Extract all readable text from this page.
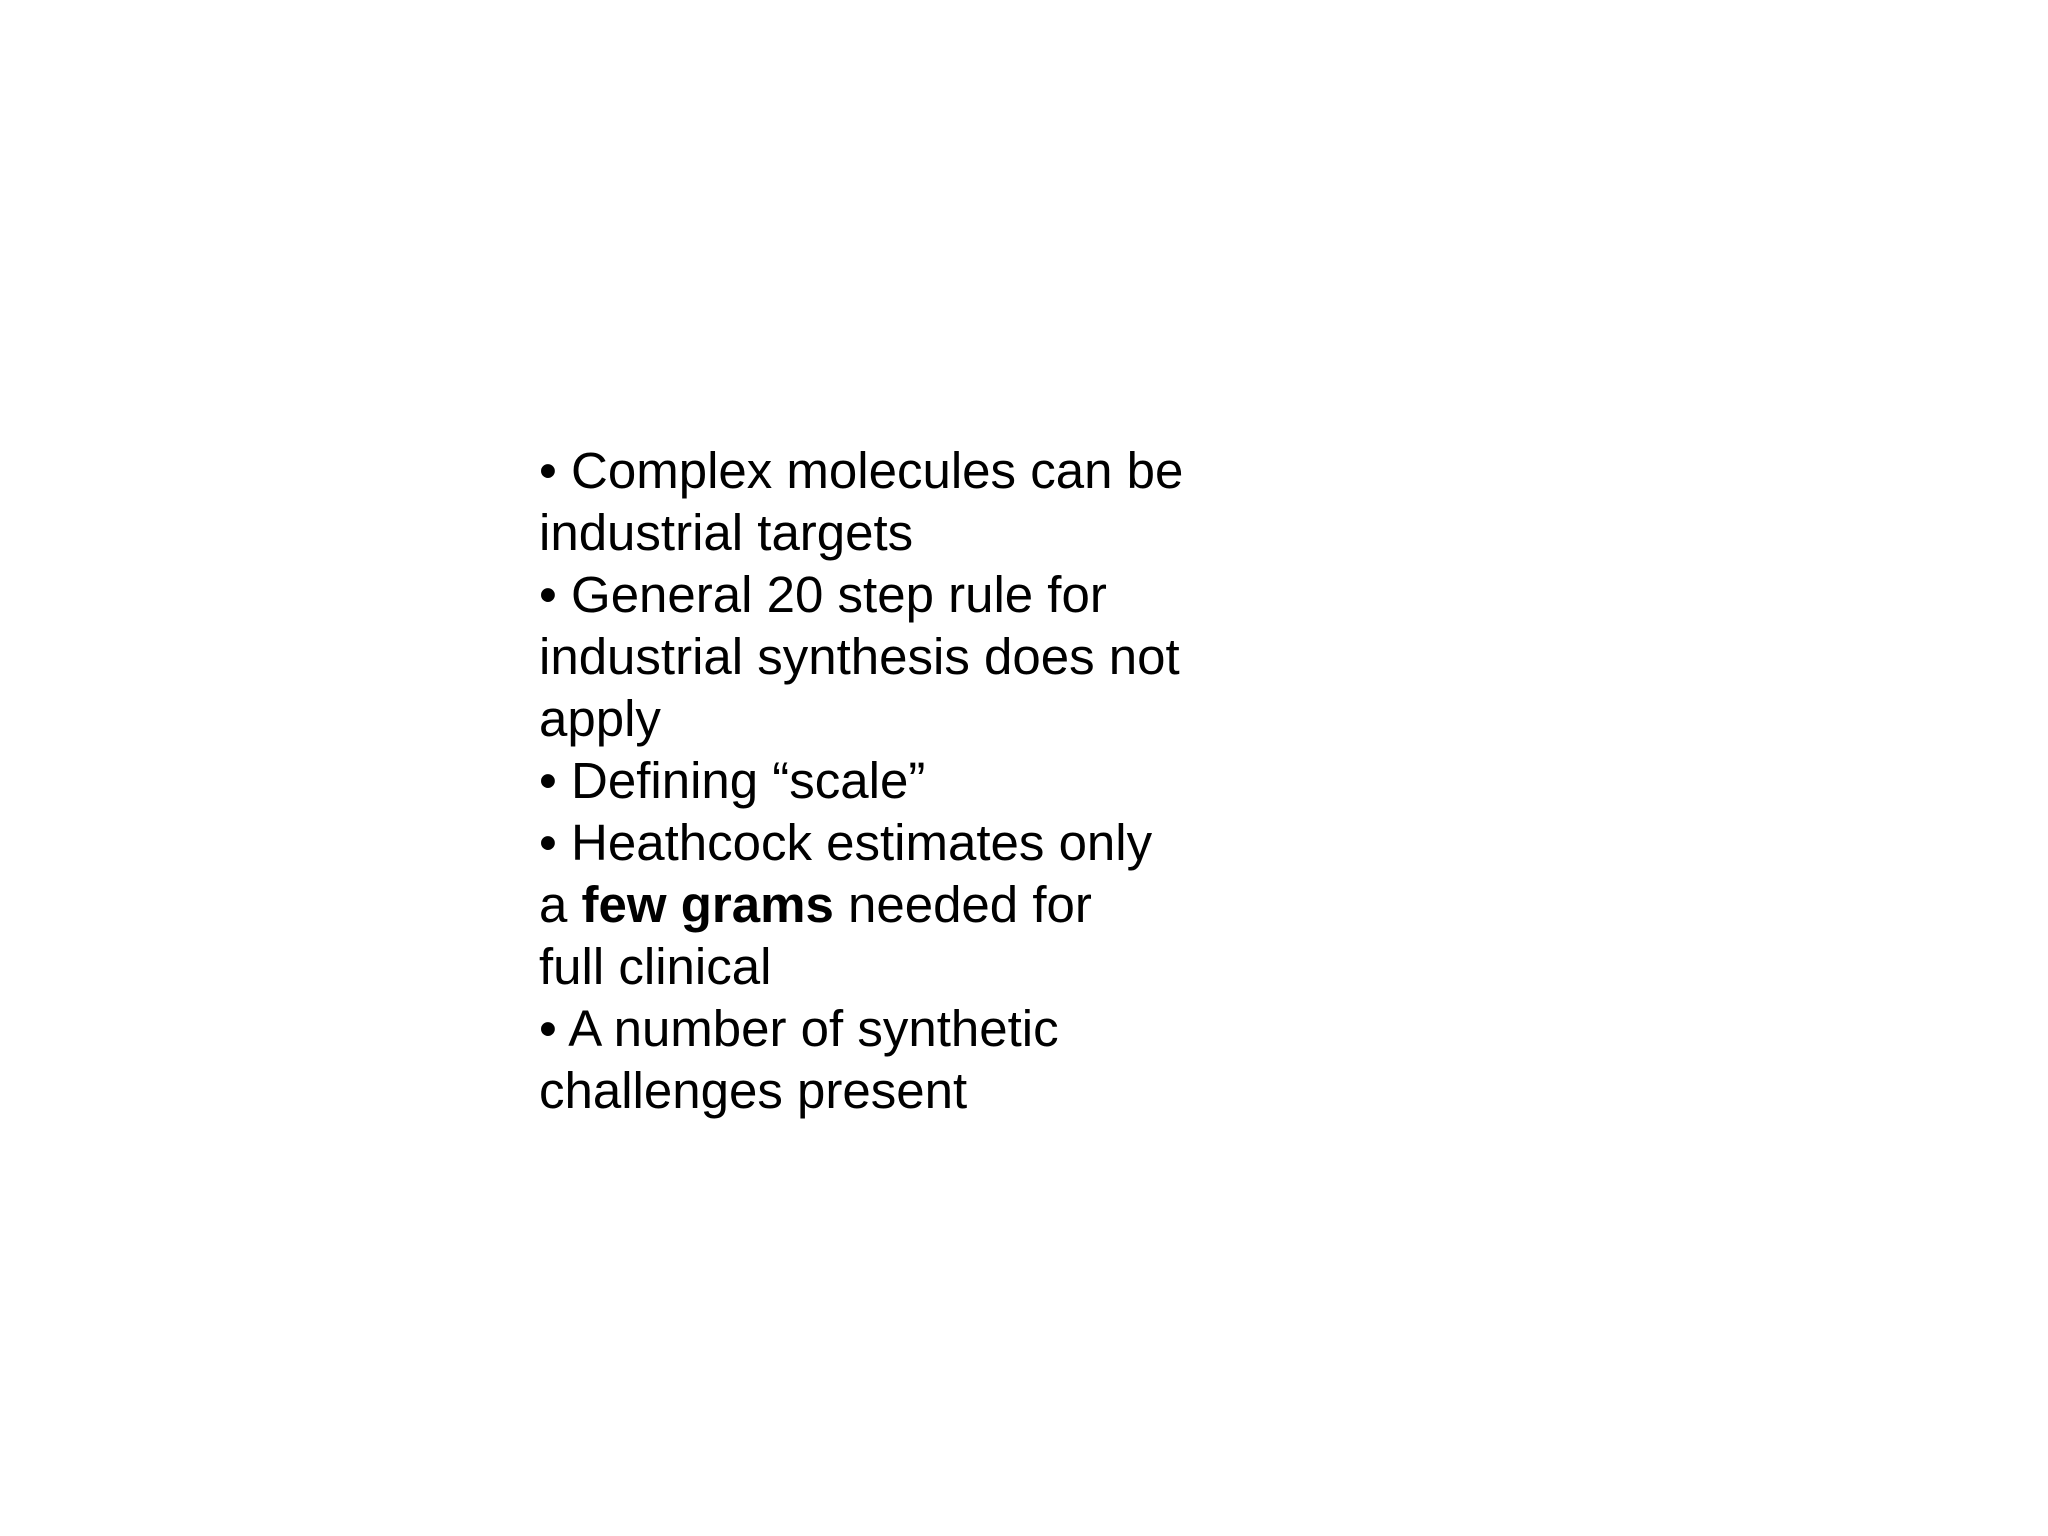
• Complex molecules can be
industrial targets
• General 20 step rule for
industrial synthesis does not
apply
• Defining “scale”
• Heathcock estimates only
a few grams needed for
full clinical
• A number of synthetic
challenges present
